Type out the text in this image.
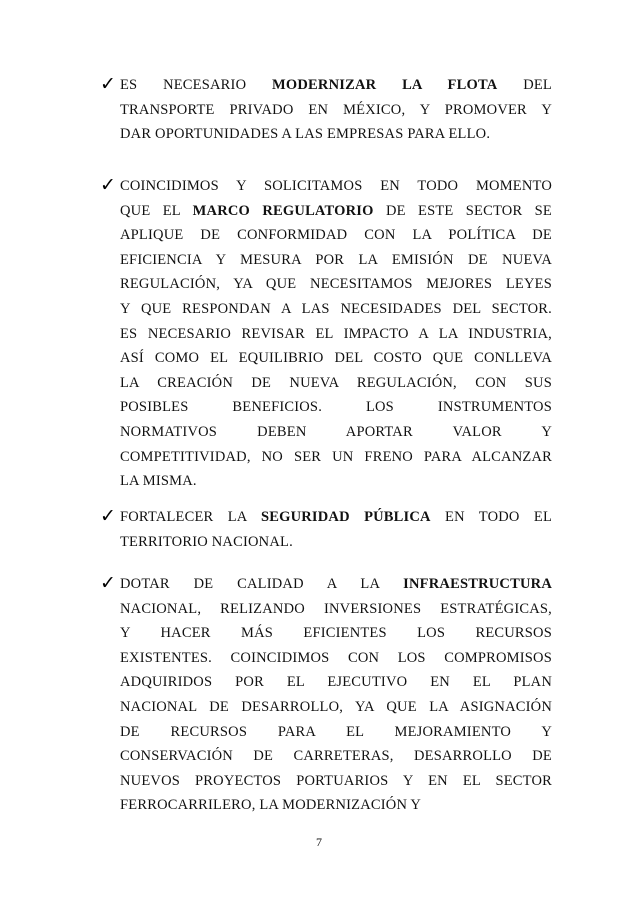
✓ ES NECESARIO MODERNIZAR LA FLOTA DEL
TRANSPORTE PRIVADO EN MÉXICO, Y PROMOVER Y
DAR OPORTUNIDADES A LAS EMPRESAS PARA ELLO.
✓ COINCIDIMOS Y SOLICITAMOS EN TODO MOMENTO
QUE EL MARCO REGULATORIO DE ESTE SECTOR SE
APLIQUE DE CONFORMIDAD CON LA POLÍTICA DE
EFICIENCIA Y MESURA POR LA EMISIÓN DE NUEVA
REGULACIÓN, YA QUE NECESITAMOS MEJORES LEYES
Y QUE RESPONDAN A LAS NECESIDADES DEL SECTOR.
ES NECESARIO REVISAR EL IMPACTO A LA INDUSTRIA,
ASÍ COMO EL EQUILIBRIO DEL COSTO QUE CONLLEVA
LA CREACIÓN DE NUEVA REGULACIÓN, CON SUS
POSIBLES BENEFICIOS. LOS INSTRUMENTOS
NORMATIVOS DEBEN APORTAR VALOR Y
COMPETITIVIDAD, NO SER UN FRENO PARA ALCANZAR
LA MISMA.
✓ FORTALECER LA SEGURIDAD PÚBLICA EN TODO EL
TERRITORIO NACIONAL.
✓ DOTAR DE CALIDAD A LA INFRAESTRUCTURA
NACIONAL, RELIZANDO INVERSIONES ESTRATÉGICAS,
Y HACER MÁS EFICIENTES LOS RECURSOS
EXISTENTES. COINCIDIMOS CON LOS COMPROMISOS
ADQUIRIDOS POR EL EJECUTIVO EN EL PLAN
NACIONAL DE DESARROLLO, YA QUE LA ASIGNACIÓN
DE RECURSOS PARA EL MEJORAMIENTO Y
CONSERVACIÓN DE CARRETERAS, DESARROLLO DE
NUEVOS PROYECTOS PORTUARIOS Y EN EL SECTOR
FERROCARRILERO, LA MODERNIZACIÓN Y
7
